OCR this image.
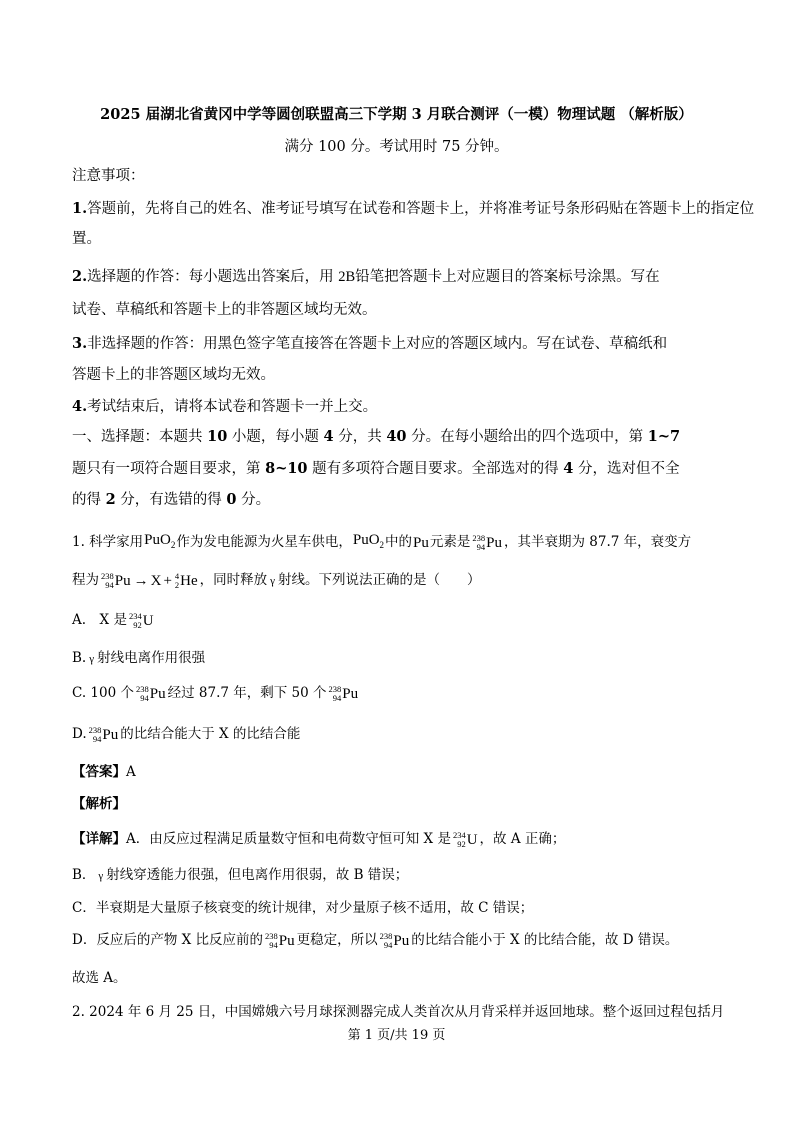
2025 届湖北省黄冈中学等圆创联盟高三下学期 3 月联合测评（一模）物理试题 （解析版）
满分 100 分。考试用时 75 分钟。
注意事项：
1.答题前，先将自己的姓名、准考证号填写在试卷和答题卡上，并将准考证号条形码贴在答题卡上的指定位
置。
2.选择题的作答：每小题选出答案后，用 2B铅笔把答题卡上对应题目的答案标号涂黑。写在
试卷、草稿纸和答题卡上的非答题区域均无效。
3.非选择题的作答：用黑色签字笔直接答在答题卡上对应的答题区域内。写在试卷、草稿纸和
答题卡上的非答题区域均无效。
4.考试结束后，请将本试卷和答题卡一并上交。
一、选择题：本题共 10 小题，每小题 4 分，共 40 分。在每小题给出的四个选项中，第 1~7
题只有一项符合题目要求，第 8~10 题有多项符合题目要求。全部选对的得 4 分，选对但不全
的得 2 分，有选错的得 0 分。
1. 科学家用PuO$_2$作为发电能源为火星车供电，PuO$_2$中的Pu元素是 238
94 Pu ，其半衰期为 87.7 年，衰变方
程为 238
94 Pu → X + 4
2 He ，同时释放 γ 射线。下列说法正确的是（　　）
A.　X 是 234
92 U
B. γ 射线电离作用很强
C. 100 个 238
94 Pu 经过 87.7 年，剩下 50 个 238
94 Pu
D. 238
94 Pu 的比结合能大于 X 的比结合能
【答案】A
【解析】
【详解】A．由反应过程满足质量数守恒和电荷数守恒可知 X 是 234
92 U ，故 A 正确；
B． γ 射线穿透能力很强，但电离作用很弱，故 B 错误；
C．半衰期是大量原子核衰变的统计规律，对少量原子核不适用，故 C 错误；
D．反应后的产物 X 比反应前的 238
94 Pu 更稳定，所以 238
94 Pu 的比结合能小于 X 的比结合能，故 D 错误。
故选 A。
2. 2024 年 6 月 25 日，中国嫦娥六号月球探测器完成人类首次从月背采样并返回地球。整个返回过程包括月
第 1 页/共 19 页
